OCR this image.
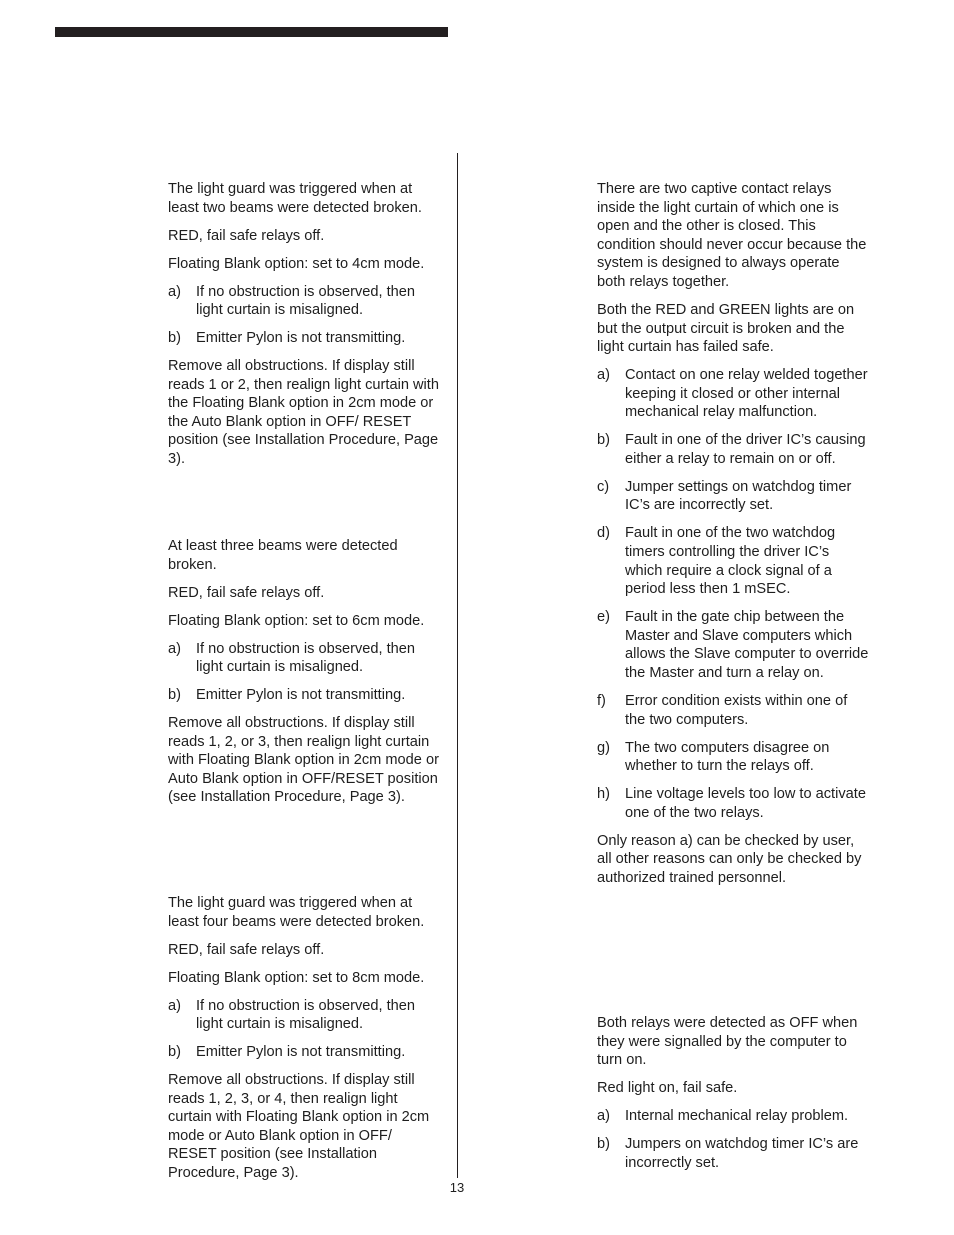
The light guard was triggered when at least two beams were detected broken.

RED, fail safe relays off.

Floating Blank option: set to 4cm mode.

a)	If no obstruction is observed, then light curtain is misaligned.
b)	Emitter Pylon is not transmitting.

Remove all obstructions. If display still reads 1 or 2, then realign light curtain with the Floating Blank option in 2cm mode or the Auto Blank option in OFF/ RESET position (see Installation Procedure, Page 3).

At least three beams were detected broken.

RED, fail safe relays off.

Floating Blank option: set to 6cm mode.

a)	If no obstruction is observed, then light curtain is misaligned.
b)	Emitter Pylon is not transmitting.

Remove all obstructions. If display still reads 1, 2, or 3, then realign light curtain with Floating Blank option in 2cm mode or Auto Blank option in OFF/RESET position (see Installation Procedure, Page 3).

The light guard was triggered when at least four beams were detected broken.

RED, fail safe relays off.

Floating Blank option: set to 8cm mode.

a)	If no obstruction is observed, then light curtain is misaligned.
b)	Emitter Pylon is not transmitting.

Remove all obstructions. If display still reads 1, 2, 3, or 4, then realign light curtain with Floating Blank option in 2cm mode or Auto Blank option in OFF/ RESET position (see Installation Procedure, Page 3).

There are two captive contact relays inside the light curtain of which one is open and the other is closed. This condition should never occur because the system is designed to always operate both relays together.

Both the RED and GREEN lights are on but the output circuit is broken and the light curtain has failed safe.

a)	Contact on one relay welded together keeping it closed or other internal mechanical relay malfunction.
b)	Fault in one of the driver IC’s causing either a relay to remain on or off.
c)	Jumper settings on watchdog timer IC’s are incorrectly set.
d)	Fault in one of the two watchdog timers controlling the driver IC’s which require a clock signal of a period less then 1 mSEC.
e)	Fault in the gate chip between the Master and Slave computers which allows the Slave computer to override the Master and turn a relay on.
f)	Error condition exists within one of the two computers.
g)	The two computers disagree on whether to turn the relays off.
h)	Line voltage levels too low to activate one of the two relays.

Only reason a) can be checked by user, all other reasons can only be checked by authorized trained personnel.

Both relays were detected as OFF when they were signalled by the computer to turn on.

Red light on, fail safe.

a)	Internal mechanical relay problem.
b)	Jumpers on watchdog timer IC’s are incorrectly set.
13
